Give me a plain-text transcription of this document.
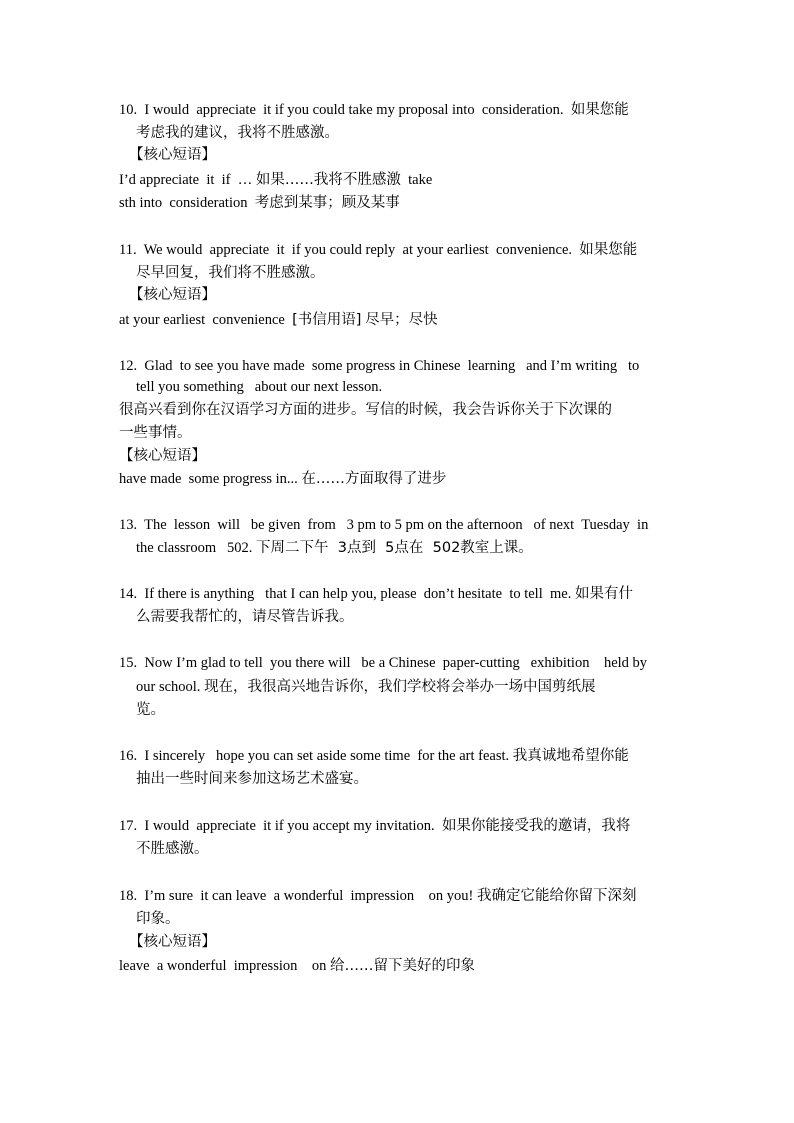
10. I would  appreciate  it if you could take my proposal into  consideration. 如果您能
考虑我的建议，我将不胜感激。
【核心短语】
I’d appreciate  it  if  … 如果……我将不胜感激 take
sth into  consideration 考虑到某事；顾及某事
11. We would  appreciate  it  if you could reply  at your earliest  convenience. 如果您能
尽早回复，我们将不胜感激。
【核心短语】
at your earliest  convenience [书信用语] 尽早；尽快
12. Glad  to see you have made  some progress in Chinese  learning   and I’m writing   to
tell you something   about our next lesson.
很高兴看到你在汉语学习方面的进步。写信的时候，我会告诉你关于下次课的
一些事情。
【核心短语】
have made  some progress in... 在……方面取得了进步
13. The  lesson  will   be given  from   3 pm to 5 pm on the afternoon   of next  Tuesday  in
the classroom   502. 下周二下午  3点到  5点在  502教室上课。
14. If there is anything   that I can help you, please  don’t hesitate  to tell  me. 如果有什
么需要我帮忙的，请尽管告诉我。
15. Now I’m glad to tell  you there will   be a Chinese  paper-cutting   exhibition    held by
our school. 现在，我很高兴地告诉你，我们学校将会举办一场中国剪纸展
览。
16. I sincerely   hope you can set aside some time  for the art feast. 我真诚地希望你能
抽出一些时间来参加这场艺术盛宴。
17. I would  appreciate  it if you accept my invitation. 如果你能接受我的邀请，我将
不胜感激。
18. I’m sure  it can leave  a wonderful  impression    on you! 我确定它能给你留下深刻
印象。
【核心短语】
leave  a wonderful  impression    on 给……留下美好的印象
